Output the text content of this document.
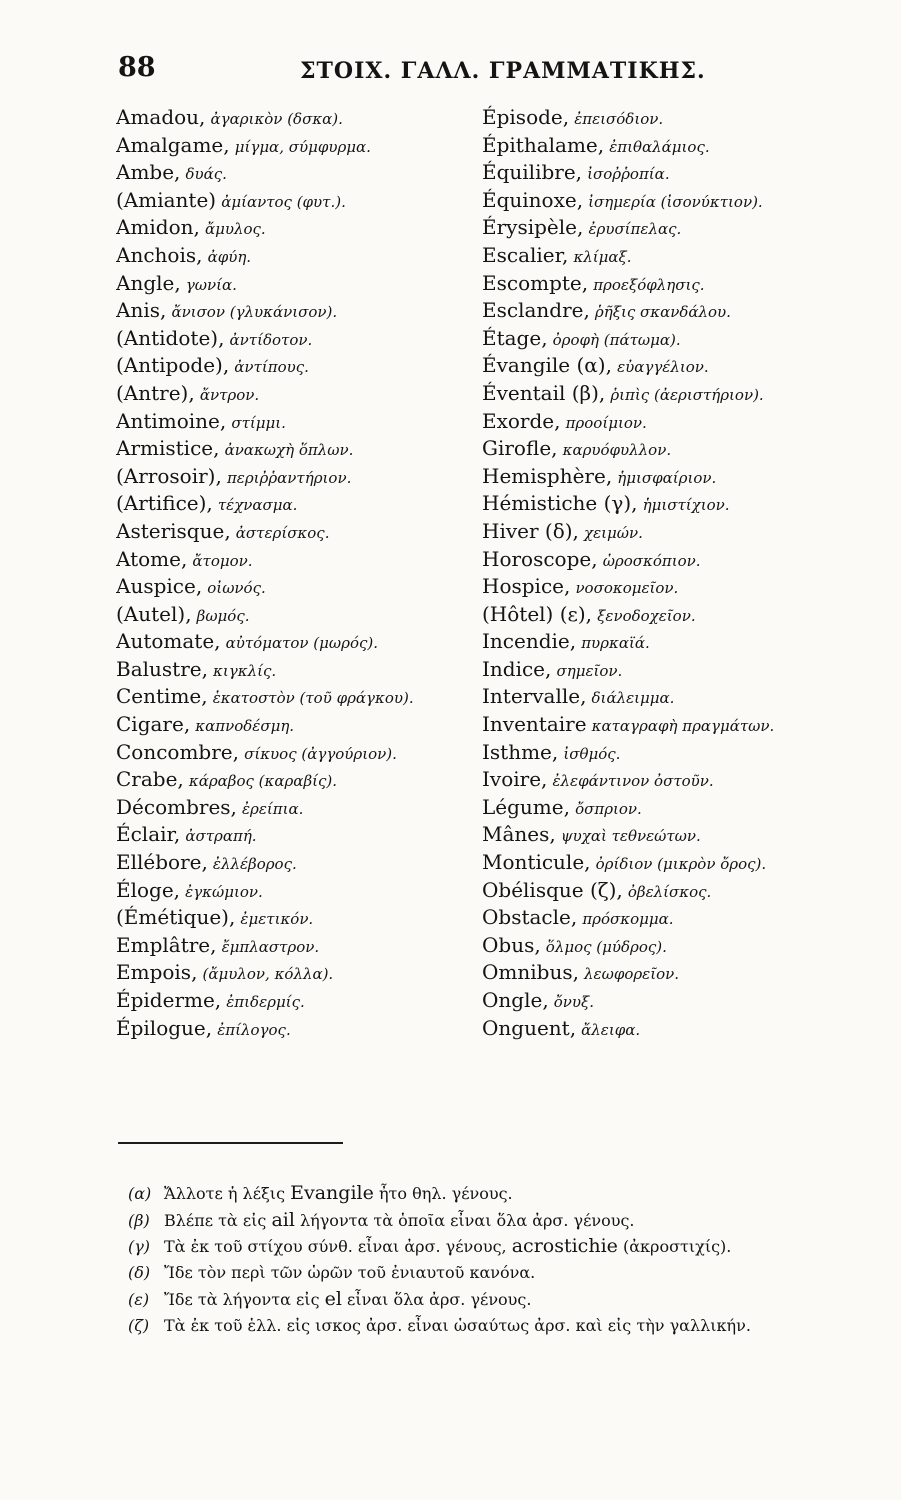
88	ΣΤΟΙΧ. ΓΑΛΛ. ΓΡΑΜΜΑΤΙΚΗΣ.
Amadou, ἀγαρικὸν (δσκα).
Amalgame, μίγμα, σύμφυρμα.
Ambe, δυάς.
(Amiante) ἀμίαντος (φυτ.).
Amidon, ἄμυλος.
Anchois, ἀφύη.
Angle, γωνία.
Anis, ἄνισον (γλυκάνισον).
(Antidote), ἀντίδοτον.
(Antipode), ἀντίπους.
(Antre), ἄντρον.
Antimoine, στίμμι.
Armistice, ἀνακωχὴ ὅπλων.
(Arrosoir), περιῤῥαντήριον.
(Artifice), τέχνασμα.
Asterisque, ἀστερίσκος.
Atome, ἄτομον.
Auspice, οἰωνός.
(Autel), βωμός.
Automate, αὐτόματον (μωρός).
Balustre, κιγκλίς.
Centime, ἑκατοστὸν (τοῦ φράγκου).
Cigare, καπνοδέσμη.
Concombre, σίκυος (ἀγγούριον).
Crabe, κάραβος (καραβίς).
Décombres, ἐρείπια.
Éclair, ἀστραπή.
Ellébore, ἐλλέβορος.
Éloge, ἐγκώμιον.
(Émétique), ἐμετικόν.
Emplâtre, ἔμπλαστρον.
Empois, (ἄμυλον, κόλλα).
Épiderme, ἐπιδερμίς.
Épilogue, ἐπίλογος.
Épisode, ἐπεισόδιον.
Épithalame, ἐπιθαλάμιος.
Équilibre, ἰσοῤῥοπία.
Équinoxe, ἰσημερία (ἰσονύκτιον).
Érysipèle, ἐρυσίπελας.
Escalier, κλίμαξ.
Escompte, προεξόφλησις.
Esclandre, ῥῆξις σκανδάλου.
Étage, ὀροφὴ (πάτωμα).
Évangile (α), εὐαγγέλιον.
Éventail (β), ῥιπὶς (ἀεριστήριον).
Exorde, προοίμιον.
Girofle, καρυόφυλλον.
Hemisphère, ἡμισφαίριον.
Hémistiche (γ), ἡμιστίχιον.
Hiver (δ), χειμών.
Horoscope, ὡροσκόπιον.
Hospice, νοσοκομεῖον.
(Hôtel) (ε), ξενοδοχεῖον.
Incendie, πυρκαϊά.
Indice, σημεῖον.
Intervalle, διάλειμμα.
Inventaire καταγραφὴ πραγμάτων.
Isthme, ἰσθμός.
Ivoire, ἐλεφάντινον ὀστοῦν.
Légume, ὄσπριον.
Mânes, ψυχαὶ τεθνεώτων.
Monticule, ὀρίδιον (μικρὸν ὄρος).
Obélisque (ζ), ὀβελίσκος.
Obstacle, πρόσκομμα.
Obus, ὅλμος (μύδρος).
Omnibus, λεωφορεῖον.
Ongle, ὄνυξ.
Onguent, ἄλειφα.
(α) Ἄλλοτε ἡ λέξις Evangile ἦτο θηλ. γένους.
(β) Βλέπε τὰ εἰς ail λήγοντα τὰ ὁποῖα εἶναι ὅλα ἀρσ. γένους.
(γ) Τὰ ἐκ τοῦ στίχου σύνθ. εἶναι ἀρσ. γένους, acrostichie (ἀκροστιχίς).
(δ) Ἴδε τὸν περὶ τῶν ὡρῶν τοῦ ἐνιαυτοῦ κανόνα.
(ε) Ἴδε τὰ λήγοντα εἰς el εἶναι ὅλα ἀρσ. γένους.
(ζ) Τὰ ἐκ τοῦ ἑλλ. εἰς ισκος ἀρσ. εἶναι ὡσαύτως ἀρσ. καὶ εἰς τὴν γαλλικήν.
